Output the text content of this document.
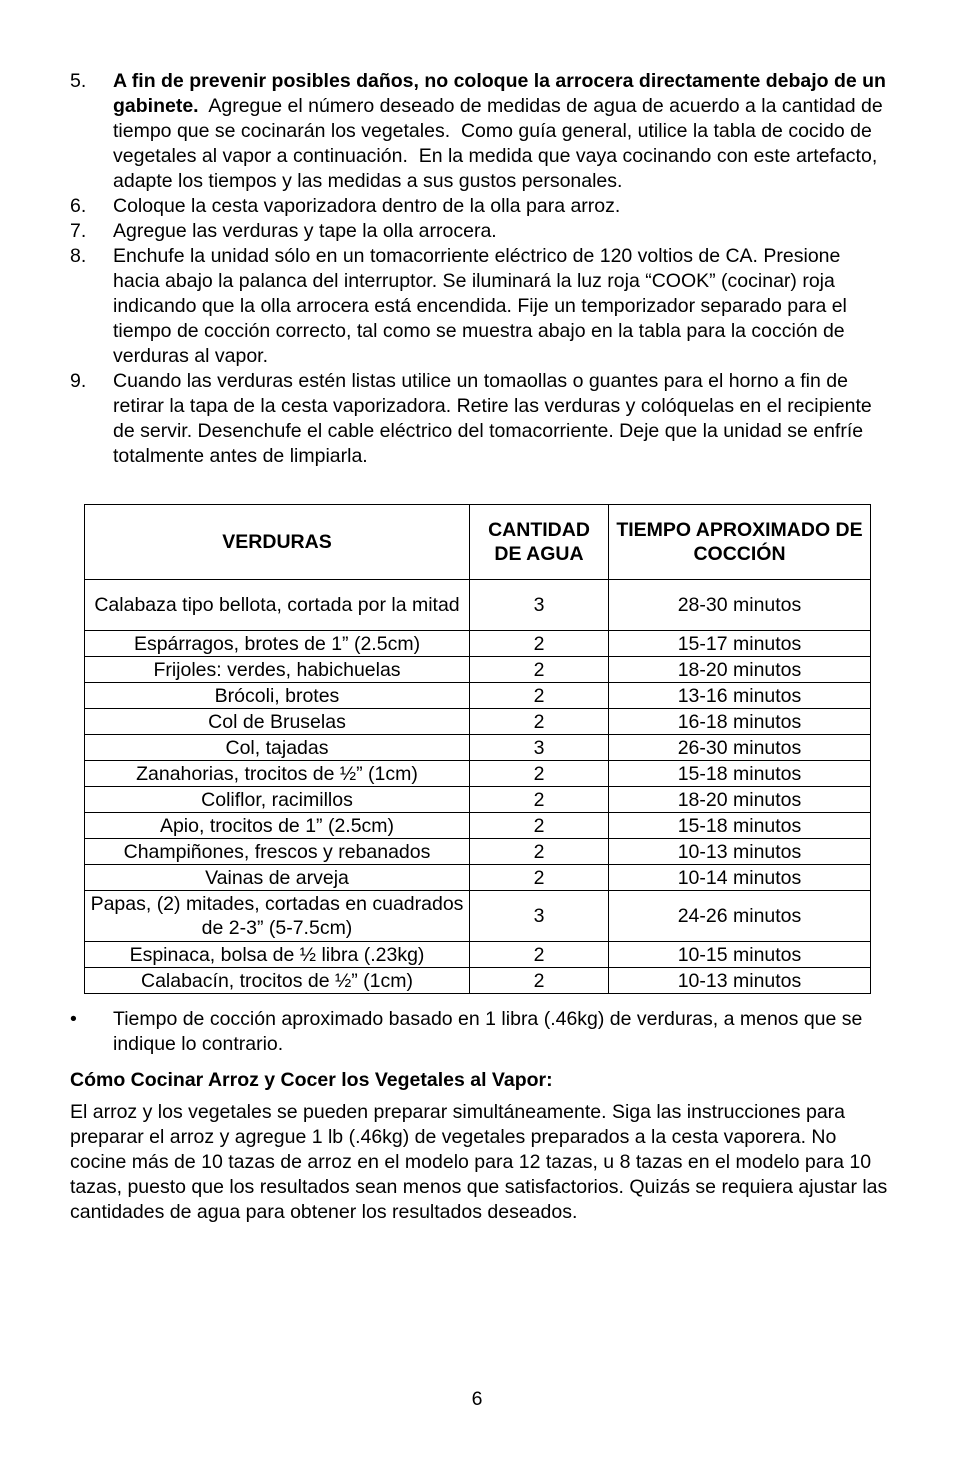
5.	A fin de prevenir posibles daños, no coloque la arrocera directamente debajo de un gabinete.  Agregue el número deseado de medidas de agua de acuerdo a la cantidad de tiempo que se cocinarán los vegetales.  Como guía general, utilice la tabla de cocido de vegetales al vapor a continuación.  En la medida que vaya cocinando con este artefacto, adapte los tiempos y las medidas a sus gustos personales.
6.	Coloque la cesta vaporizadora dentro de la olla para arroz.
7.	Agregue las verduras y tape la olla arrocera.
8.	Enchufe la unidad sólo en un tomacorriente eléctrico de 120 voltios de CA. Presione hacia abajo la palanca del interruptor. Se iluminará la luz roja “COOK” (cocinar) roja indicando que la olla arrocera está encendida. Fije un temporizador separado para el tiempo de cocción correcto, tal como se muestra abajo en la tabla para la cocción de verduras al vapor.
9.	Cuando las verduras estén listas utilice un tomaollas o guantes para el horno a fin de retirar la tapa de la cesta vaporizadora. Retire las verduras y colóquelas en el recipiente de servir. Desenchufe el cable eléctrico del tomacorriente. Deje que la unidad se enfríe totalmente antes de limpiarla.
VERDURAS	CANTIDAD DE AGUA	TIEMPO APROXIMADO DE COCCIÓN
Calabaza tipo bellota, cortada por la mitad	3	28-30 minutos
Espárragos, brotes de 1” (2.5cm)	2	15-17 minutos
Frijoles: verdes, habichuelas	2	18-20 minutos
Brócoli, brotes	2	13-16 minutos
Col de Bruselas	2	16-18 minutos
Col, tajadas	3	26-30 minutos
Zanahorias, trocitos de ½” (1cm)	2	15-18 minutos
Coliflor, racimillos	2	18-20 minutos
Apio, trocitos de 1” (2.5cm)	2	15-18 minutos
Champiñones, frescos y rebanados	2	10-13 minutos
Vainas de arveja	2	10-14 minutos
Papas, (2) mitades, cortadas en cuadrados de 2-3” (5-7.5cm)	3	24-26 minutos
Espinaca, bolsa de ½ libra (.23kg)	2	10-15 minutos
Calabacín, trocitos de ½” (1cm)	2	10-13 minutos
•	Tiempo de cocción aproximado basado en 1 libra (.46kg) de verduras, a menos que se indique lo contrario.
Cómo Cocinar Arroz y Cocer los Vegetales al Vapor:
El arroz y los vegetales se pueden preparar simultáneamente. Siga las instrucciones para preparar el arroz y agregue 1 lb (.46kg) de vegetales preparados a la cesta vaporera. No cocine más de 10 tazas de arroz en el modelo para 12 tazas, u 8 tazas en el modelo para 10 tazas, puesto que los resultados sean menos que satisfactorios. Quizás se requiera ajustar las cantidades de agua para obtener los resultados deseados.
6
